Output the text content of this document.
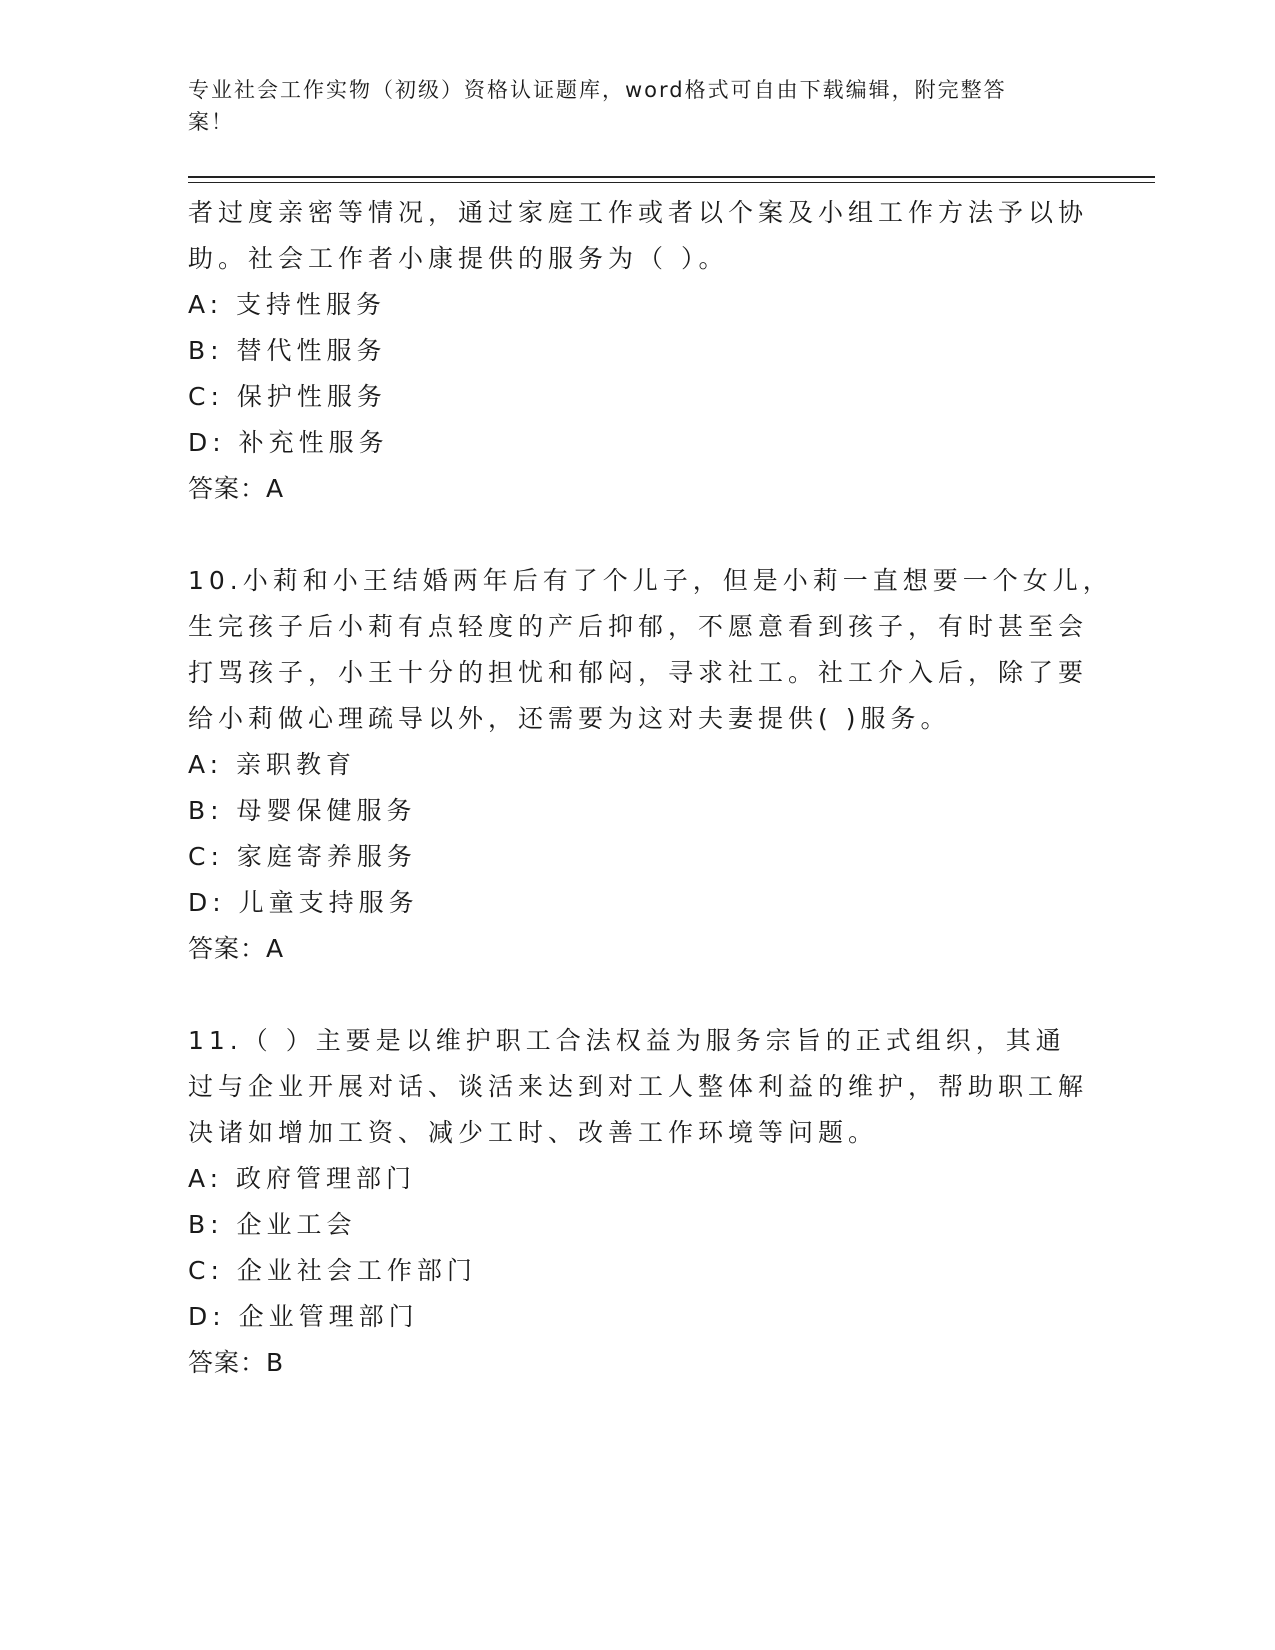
专业社会工作实物（初级）资格认证题库，word格式可自由下载编辑，附完整答
案！
者过度亲密等情况，通过家庭工作或者以个案及小组工作方法予以协
助。社会工作者小康提供的服务为（ ）。
A: 支持性服务
B: 替代性服务
C: 保护性服务
D: 补充性服务
答案：A
10.小莉和小王结婚两年后有了个儿子，但是小莉一直想要一个女儿，
生完孩子后小莉有点轻度的产后抑郁，不愿意看到孩子，有时甚至会
打骂孩子，小王十分的担忧和郁闷，寻求社工。社工介入后，除了要
给小莉做心理疏导以外，还需要为这对夫妻提供( )服务。
A: 亲职教育
B: 母婴保健服务
C: 家庭寄养服务
D: 儿童支持服务
答案：A
11.（ ）主要是以维护职工合法权益为服务宗旨的正式组织，其通
过与企业开展对话、谈活来达到对工人整体利益的维护，帮助职工解
决诸如增加工资、减少工时、改善工作环境等问题。
A: 政府管理部门
B: 企业工会
C: 企业社会工作部门
D: 企业管理部门
答案：B
